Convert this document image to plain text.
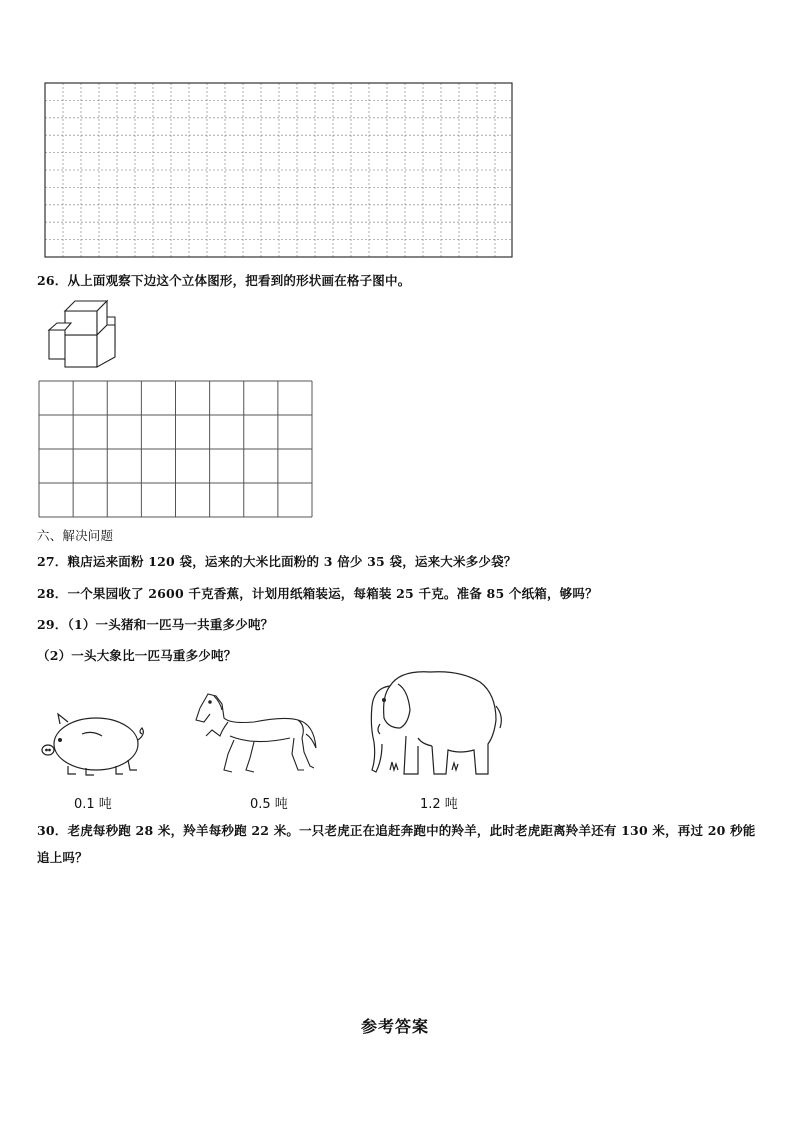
26．从上面观察下边这个立体图形，把看到的形状画在格子图中。
六、解决问题
27．粮店运来面粉 120 袋，运来的大米比面粉的 3 倍少 35 袋，运来大米多少袋？
28．一个果园收了 2600 千克香蕉，计划用纸箱装运，每箱装 25 千克。准备 85 个纸箱，够吗？
29．（1）一头猪和一匹马一共重多少吨？
（2）一头大象比一匹马重多少吨？
0.1 吨	0.5 吨	1.2 吨
30．老虎每秒跑 28 米，羚羊每秒跑 22 米。一只老虎正在追赶奔跑中的羚羊，此时老虎距离羚羊还有 130 米，再过 20 秒能追上吗？
参考答案
